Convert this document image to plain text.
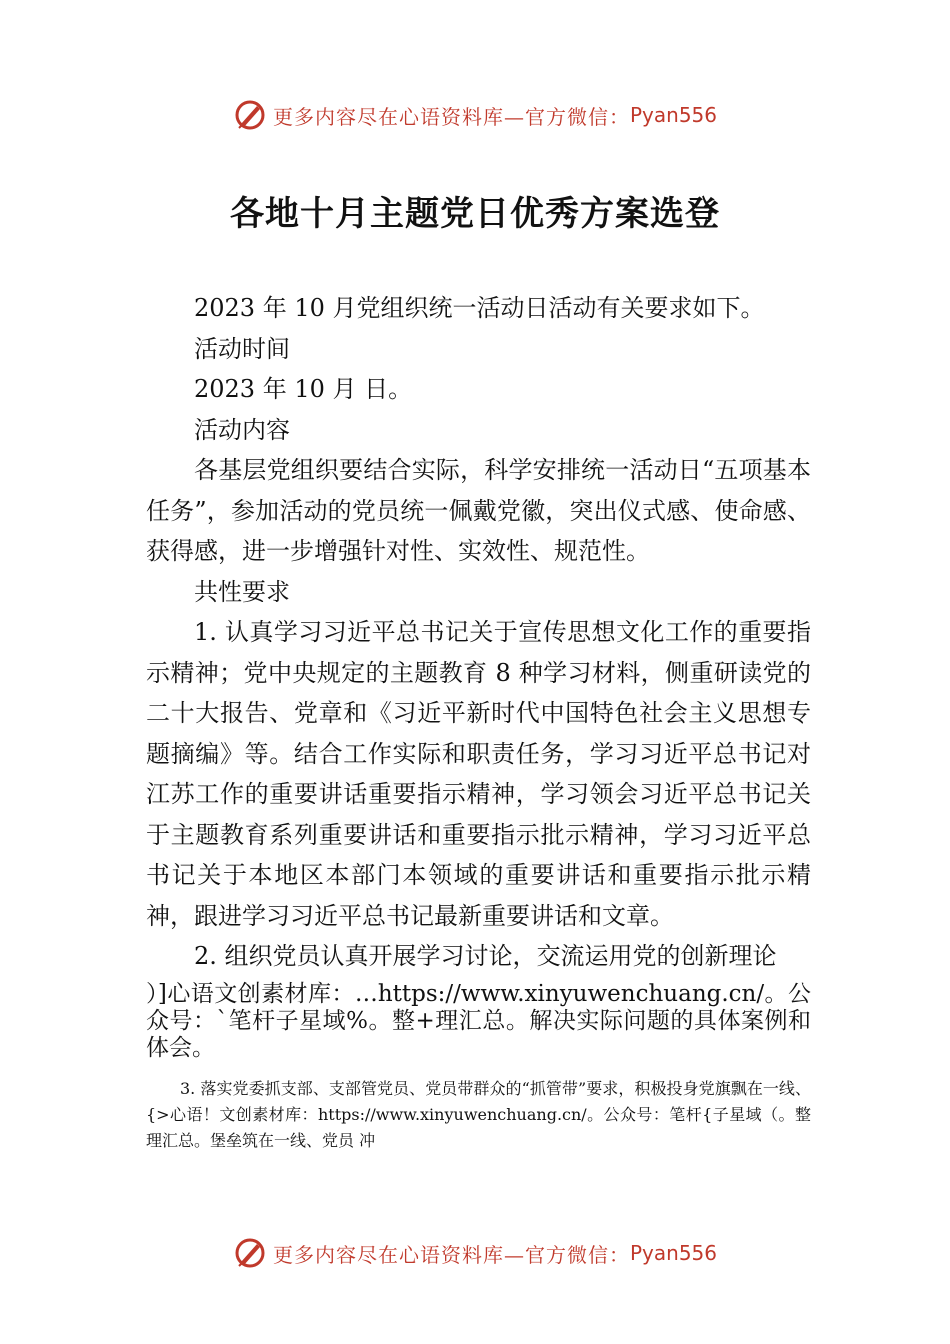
更多内容尽在心语资料库—官方微信： Pyan556
各地十月主题党日优秀方案选登

2023 年 10 月党组织统一活动日活动有关要求如下。

活动时间

2023 年 10 月 日。

活动内容

各基层党组织要结合实际，科学安排统一活动日“五项基本任务”，参加活动的党员统一佩戴党徽，突出仪式感、使命感、获得感，进一步增强针对性、实效性、规范性。

共性要求

1. 认真学习习近平总书记关于宣传思想文化工作的重要指示精神；党中央规定的主题教育 8 种学习材料，侧重研读党的二十大报告、党章和《习近平新时代中国特色社会主义思想专题摘编》等。结合工作实际和职责任务，学习习近平总书记对江苏工作的重要讲话重要指示精神，学习领会习近平总书记关于主题教育系列重要讲话和重要指示批示精神，学习习近平总书记关于本地区本部门本领域的重要讲话和重要指示批示精神，跟进学习习近平总书记最新重要讲话和文章。

2. 组织党员认真开展学习讨论，交流运用党的创新理论

）]心语文创素材库：…https://www.xinyuwenchuang.cn/。公众号：`笔杆子星域%。整+理汇总。解决实际问题的具体案例和体会。

3. 落实党委抓支部、支部管党员、党员带群众的“抓管带”要求，积极投身党旗飘在一线、{>心语！文创素材库：https://www.xinyuwenchuang.cn/。公众号：笔杆{子星域（。整理汇总。堡垒筑在一线、党员 冲

更多内容尽在心语资料库—官方微信： Pyan556
